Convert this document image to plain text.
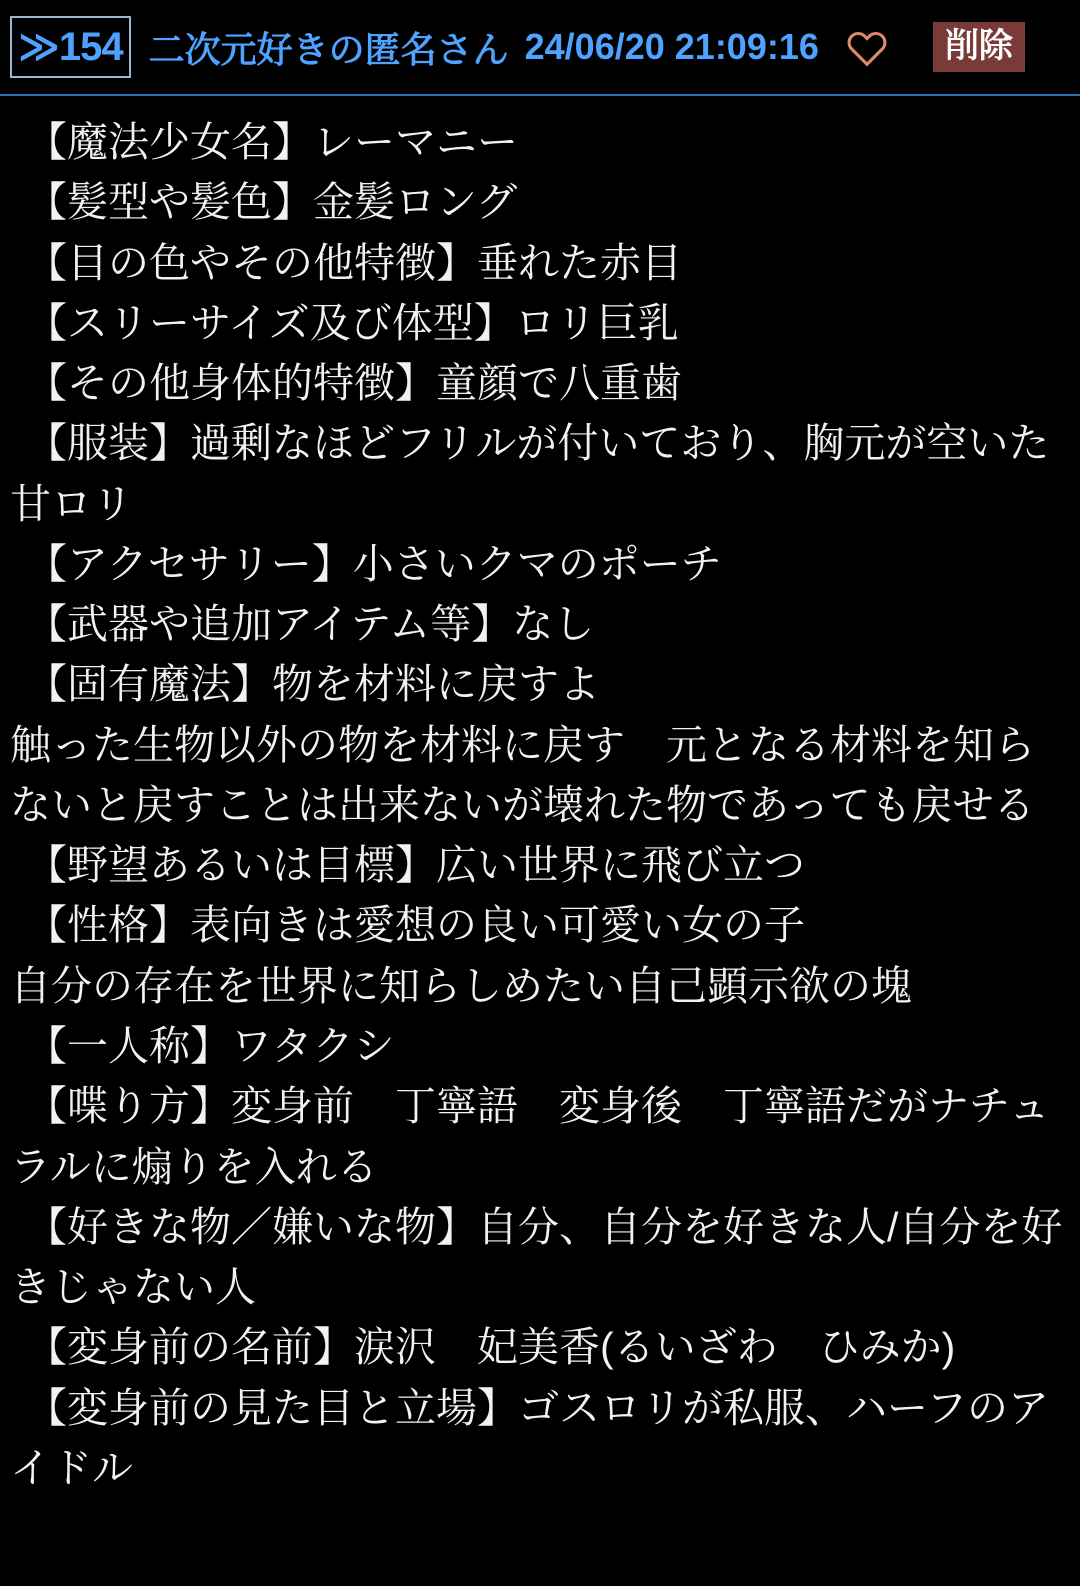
≫154 二次元好きの匿名さん 24/06/20 21:09:16	削除
【魔法少女名】レーマニー
【髪型や髪色】金髪ロング
【目の色やその他特徴】垂れた赤目
【スリーサイズ及び体型】ロリ巨乳
【その他身体的特徴】童顔で八重歯
【服装】過剰なほどフリルが付いており、胸元が空いた甘ロリ
【アクセサリー】小さいクマのポーチ
【武器や追加アイテム等】なし
【固有魔法】物を材料に戻すよ
触った生物以外の物を材料に戻す　元となる材料を知らないと戻すことは出来ないが壊れた物であっても戻せる
【野望あるいは目標】広い世界に飛び立つ
【性格】表向きは愛想の良い可愛い女の子
自分の存在を世界に知らしめたい自己顕示欲の塊
【一人称】ワタクシ
【喋り方】変身前　丁寧語　変身後　丁寧語だがナチュラルに煽りを入れる
【好きな物／嫌いな物】自分、自分を好きな人/自分を好きじゃない人
【変身前の名前】涙沢　妃美香(るいざわ　ひみか)
【変身前の見た目と立場】ゴスロリが私服、ハーフのアイドル
